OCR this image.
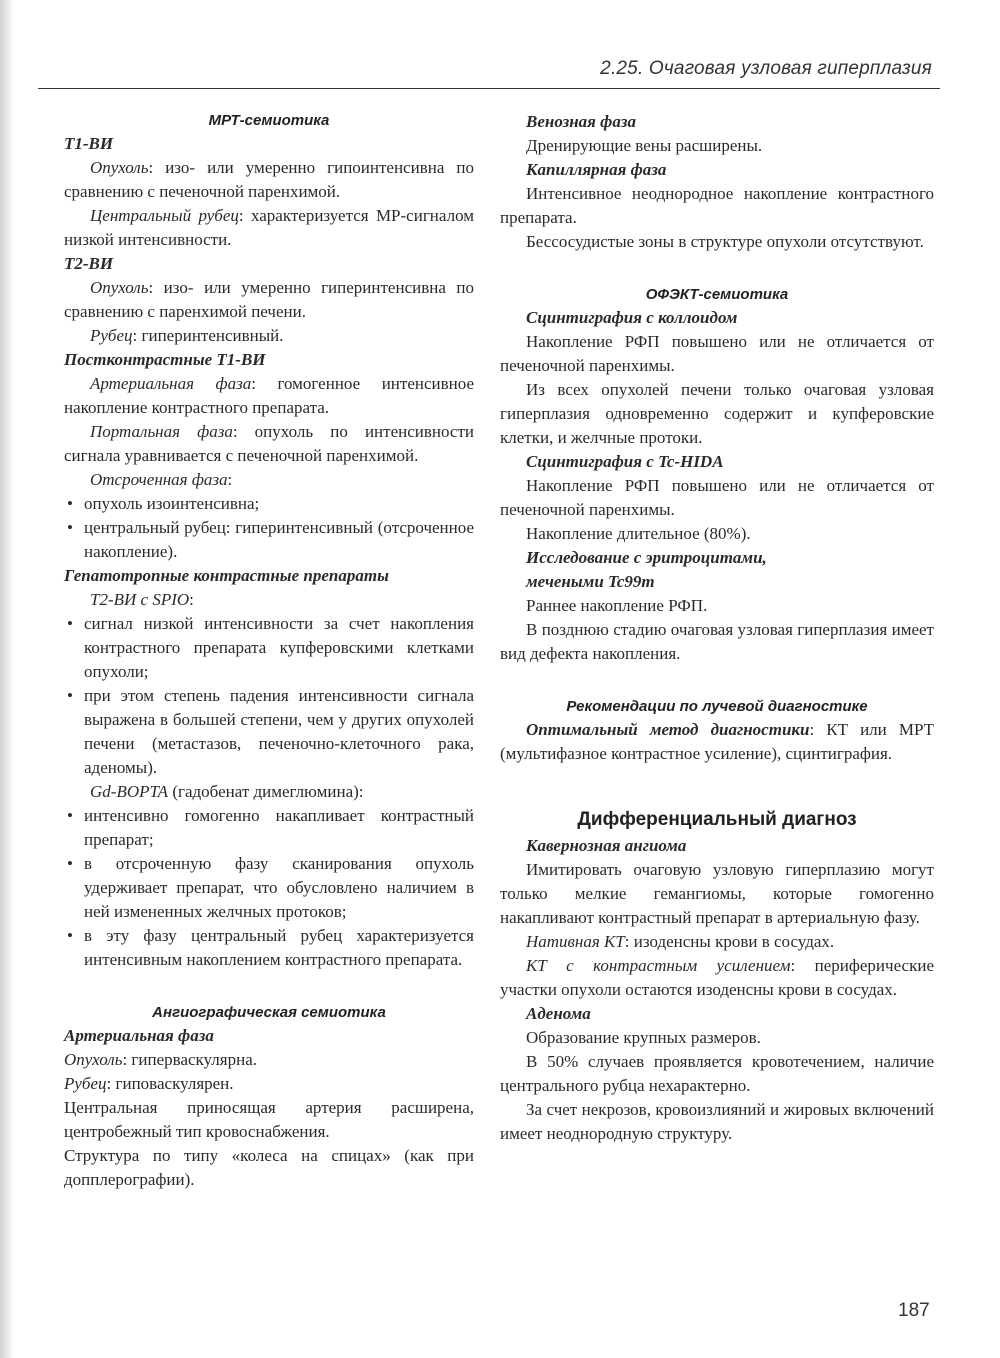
2.25. Очаговая узловая гиперплазия
МРТ-семиотика
Т1-ВИ

Опухоль: изо- или умеренно гипоинтенсивна по сравнению с печеночной паренхимой.

Центральный рубец: характеризуется МР-сигналом низкой интенсивности.

Т2-ВИ

Опухоль: изо- или умеренно гиперинтенсивна по сравнению с паренхимой печени.

Рубец: гиперинтенсивный.

Постконтрастные Т1-ВИ

Артериальная фаза: гомогенное интенсивное накопление контрастного препарата.

Портальная фаза: опухоль по интенсивности сигнала уравнивается с печеночной паренхимой.

Отсроченная фаза:

• опухоль изоинтенсивна;
• центральный рубец: гиперинтенсивный (отсроченное накопление).
Гепатотропные контрастные препараты

Т2-ВИ с SPIO:

• сигнал низкой интенсивности за счет накопления контрастного препарата купферовскими клетками опухоли;
• при этом степень падения интенсивности сигнала выражена в большей степени, чем у других опухолей печени (метастазов, печеночно-клеточного рака, аденомы).

Gd-BOPTA (гадобенат димеглюмина):

• интенсивно гомогенно накапливает контрастный препарат;
• в отсроченную фазу сканирования опухоль удерживает препарат, что обусловлено наличием в ней измененных желчных протоков;
• в эту фазу центральный рубец характеризуется интенсивным накоплением контрастного препарата.
Ангиографическая семиотика
Артериальная фаза

Опухоль: гиперваскулярна.

Рубец: гиповаскулярен.

Центральная приносящая артерия расширена, центробежный тип кровоснабжения.

Структура по типу «колеса на спицах» (как при допплерографии).

Венозная фаза

Дренирующие вены расширены.

Капиллярная фаза

Интенсивное неоднородное накопление контрастного препарата.

Бессосудистые зоны в структуре опухоли отсутствуют.

ОФЭКТ-семиотика
Сцинтиграфия с коллоидом

Накопление РФП повышено или не отличается от печеночной паренхимы.

Из всех опухолей печени только очаговая узловая гиперплазия одновременно содержит и купферовские клетки, и желчные протоки.

Сцинтиграфия с Tc-HIDA

Накопление РФП повышено или не отличается от печеночной паренхимы.

Накопление длительное (80%).

Исследование с эритроцитами,
мечеными Tc99m

Раннее накопление РФП.

В позднюю стадию очаговая узловая гиперплазия имеет вид дефекта накопления.

Рекомендации по лучевой диагностике

Оптимальный метод диагностики: КТ или МРТ (мультифазное контрастное усиление), сцинтиграфия.

Дифференциальный диагноз
Кавернозная ангиома

Имитировать очаговую узловую гиперплазию могут только мелкие гемангиомы, которые гомогенно накапливают контрастный препарат в артериальную фазу.

Нативная КТ: изоденсны крови в сосудах.

КТ с контрастным усилением: периферические участки опухоли остаются изоденсны крови в сосудах.

Аденома

Образование крупных размеров.

В 50% случаев проявляется кровотечением, наличие центрального рубца нехарактерно.

За счет некрозов, кровоизлияний и жировых включений имеет неоднородную структуру.

187
